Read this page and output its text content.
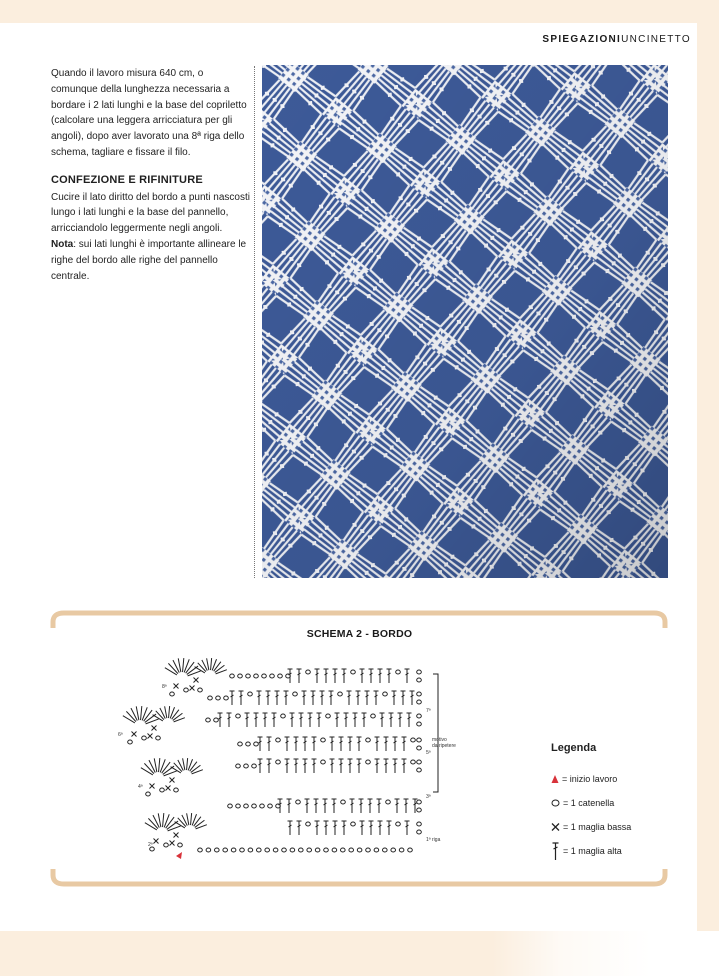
SPIEGAZIONIUNCINETTO

Quando il lavoro misura 640 cm, o comunque della lunghezza necessaria a bordare i 2 lati lunghi e la base del copriletto (calcolare una leggera arricciatura per gli angoli), dopo aver lavorato una 8ª riga dello schema, tagliare e fissare il filo.

CONFEZIONE E RIFINITURE

Cucire il lato diritto del bordo a punti nascosti lungo i lati lunghi e la base del pannello, arricciandolo leggermente negli angoli.
Nota: sui lati lunghi è importante allineare le righe del bordo alle righe del pannello centrale.

SCHEMA 2 - BORDO
motivo
da ripetere
7ª
5ª
3ª
1ª riga
8ª
6ª
4ª
2ª
Legenda
= inizio lavoro
= 1 catenella
= 1 maglia bassa
= 1 maglia alta
